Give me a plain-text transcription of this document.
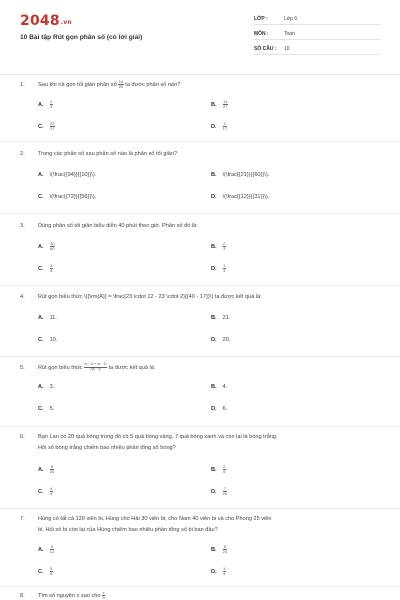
2048.vn
10 Bài tập Rút gọn phân số (có lời giải)
LỚP :	Lớp 6
MÔN :	Toán
SỐ CÂU : 10
1. Sau khi rút gọn tối giản phân số $\frac{16}{20}$ ta được phân số nào?
A. $\frac{2}{5}$	B. $\frac{11}{27}$
C. $\frac{22}{27}$	D. $\frac{1}{17}$
2. Trong các phân số sau phân số nào là phân số tối giản?
A. \(\frac{{94}}{{10}}\).	B. \(\frac{{21}}{{60}}\).
C. \(\frac{{72}}{{56}}\).	D. \(\frac{{12}}{{31}}\).
3. Dùng phân số tối giản biểu diễn 40 phút theo giờ. Phân số đó là:
A. $\frac{40}{60}$	B. $\frac{2}{3}$
C. $\frac{4}{6}$	D. $\frac{1}{3}$
4. Rút gọn biểu thức \({\rm{A}} = \frac{23 \cdot 12 - 23 \cdot 2}{{40 - 17}}\) ta được kết quả là:
A. 11.	B. 21.
C. 10.	D. 20.
5. Rút gọn biểu thức $\frac{\text{6³ · 3² + 6³ · 3²}}{2(6 \cdot 3)}$ ta được kết quả là:
A. 3.	B. 4.
C. 5.	D. 6.
6. Bạn Lan có 20 quả bóng trong đó có 5 quả bóng vàng, 7 quả bóng xanh và còn lại là bóng trắng.
Hỏi số bóng trắng chiếm bao nhiêu phần tổng số bóng?
A. $\frac{8}{20}$	B. $\frac{2}{5}$
C. $\frac{4}{5}$	D. $\frac{7}{20}$
7. Hùng có tất cả 120 viên bi. Hùng cho Hải 30 viên bi, cho Nam 40 viên bi và cho Phong 25 viên
bi. Hỏi số bi còn lại của Hùng chiếm bao nhiêu phần tổng số bi ban đầu?
A. $\frac{5}{12}$	B. $\frac{5}{24}$
C. $\frac{5}{6}$	D. $\frac{1}{4}$
8. Tìm số nguyên x sao cho $\frac{x}{5}$
